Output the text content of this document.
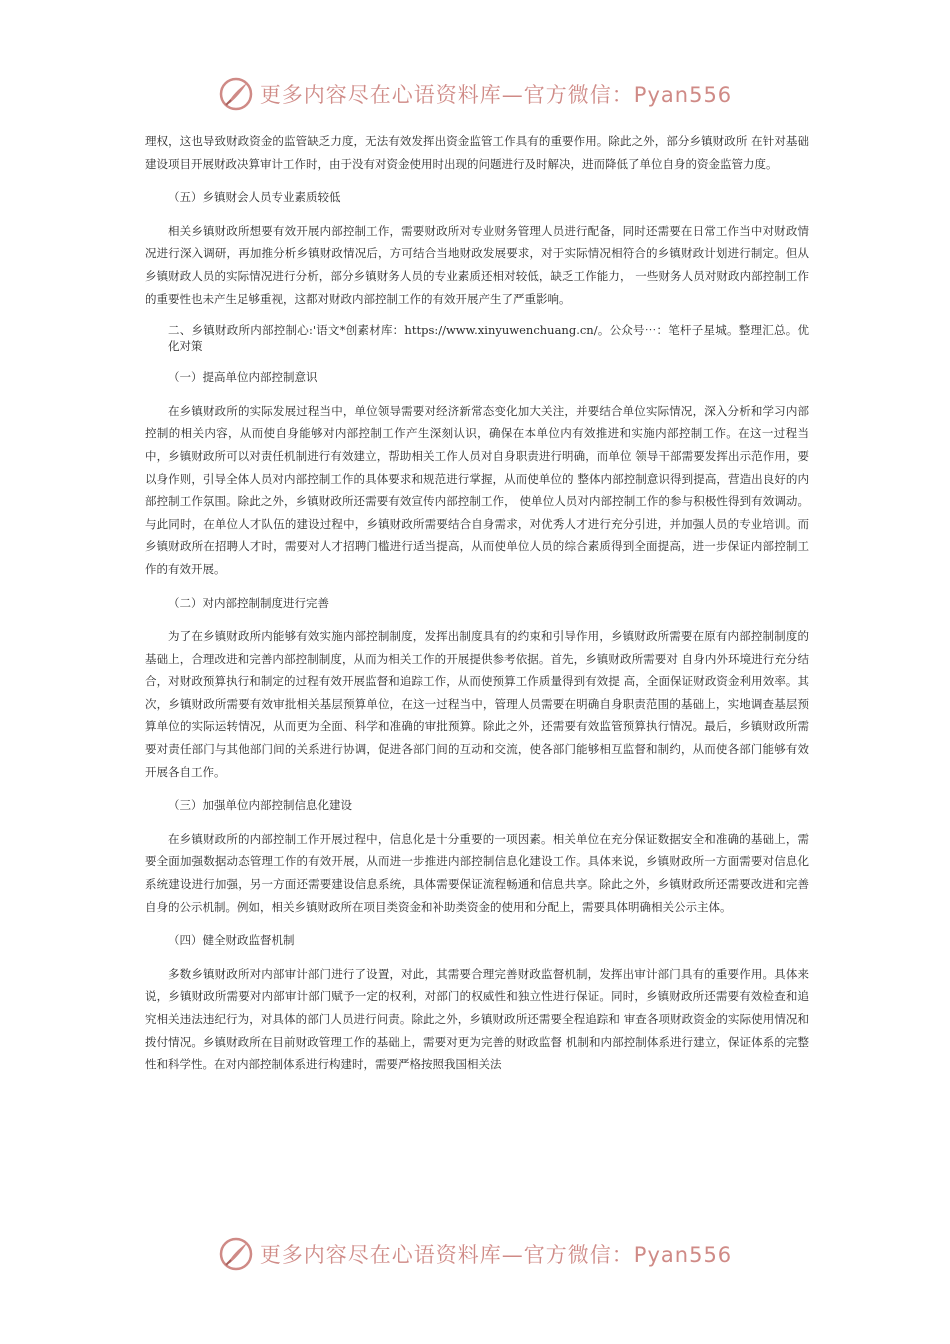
更多内容尽在心语资料库—官方微信：Pyan556

理权，这也导致财政资金的监管缺乏力度，无法有效发挥出资金监管工作具有的重要作用。除此之外，部分乡镇财政所 在针对基础建设项目开展财政决算审计工作时，由于没有对资金使用时出现的问题进行及时解决，进而降低了单位自身的资金监管力度。

（五）乡镇财会人员专业素质较低

相关乡镇财政所想要有效开展内部控制工作，需要财政所对专业财务管理人员进行配备，同时还需要在日常工作当中对财政情况进行深入调研，再加推分析乡镇财政情况后，方可结合当地财政发展要求，对于实际情况相符合的乡镇财政计划进行制定。但从乡镇财政人员的实际情况进行分析，部分乡镇财务人员的专业素质还相对较低，缺乏工作能力， 一些财务人员对财政内部控制工作的重要性也未产生足够重视，这都对财政内部控制工作的有效开展产生了严重影响。

二、乡镇财政所内部控制心:'语文*创素材库：https://www.xinyuwenchuang.cn/。公众号⋯：笔杆子星城。整理汇总。优化对策

（一）提高单位内部控制意识

在乡镇财政所的实际发展过程当中，单位领导需要对经济新常态变化加大关注，并要结合单位实际情况，深入分析和学习内部控制的相关内容，从而使自身能够对内部控制工作产生深刻认识，确保在本单位内有效推进和实施内部控制工作。在这一过程当中，乡镇财政所可以对责任机制进行有效建立，帮助相关工作人员对自身职责进行明确，而单位 领导干部需要发挥出示范作用，要以身作则，引导全体人员对内部控制工作的具体要求和规范进行掌握，从而使单位的 整体内部控制意识得到提高，营造出良好的内部控制工作氛围。除此之外，乡镇财政所还需要有效宣传内部控制工作， 使单位人员对内部控制工作的参与积极性得到有效调动。与此同时，在单位人才队伍的建设过程中，乡镇财政所需要结合自身需求，对优秀人才进行充分引进，并加强人员的专业培训。而乡镇财政所在招聘人才时，需要对人才招聘门槛进行适当提高，从而使单位人员的综合素质得到全面提高，进一步保证内部控制工作的有效开展。

（二）对内部控制制度进行完善

为了在乡镇财政所内能够有效实施内部控制制度，发挥出制度具有的约束和引导作用，乡镇财政所需要在原有内部控制制度的基础上，合理改进和完善内部控制制度，从而为相关工作的开展提供参考依据。首先，乡镇财政所需要对 自身内外环境进行充分结合，对财政预算执行和制定的过程有效开展监督和追踪工作，从而使预算工作质量得到有效提 高，全面保证财政资金利用效率。其次，乡镇财政所需要有效审批相关基层预算单位，在这一过程当中，管理人员需要在明确自身职责范围的基础上，实地调查基层预算单位的实际运转情况，从而更为全面、科学和准确的审批预算。除此之外，还需要有效监管预算执行情况。最后，乡镇财政所需要对责任部门与其他部门间的关系进行协调，促进各部门间的互动和交流，使各部门能够相互监督和制约，从而使各部门能够有效开展各自工作。

（三）加强单位内部控制信息化建设

在乡镇财政所的内部控制工作开展过程中，信息化是十分重要的一项因素。相关单位在充分保证数据安全和准确的基础上，需要全面加强数据动态管理工作的有效开展，从而进一步推进内部控制信息化建设工作。具体来说，乡镇财政所一方面需要对信息化系统建设进行加强，另一方面还需要建设信息系统，具体需要保证流程畅通和信息共享。除此之外，乡镇财政所还需要改进和完善自身的公示机制。例如，相关乡镇财政所在项目类资金和补助类资金的使用和分配上，需要具体明确相关公示主体。

（四）健全财政监督机制

多数乡镇财政所对内部审计部门进行了设置，对此，其需要合理完善财政监督机制，发挥出审计部门具有的重要作用。具体来说，乡镇财政所需要对内部审计部门赋予一定的权利，对部门的权威性和独立性进行保证。同时，乡镇财政所还需要有效检查和追究相关违法违纪行为，对具体的部门人员进行问责。除此之外，乡镇财政所还需要全程追踪和 审查各项财政资金的实际使用情况和拨付情况。乡镇财政所在目前财政管理工作的基础上，需要对更为完善的财政监督 机制和内部控制体系进行建立，保证体系的完整性和科学性。在对内部控制体系进行构建时，需要严格按照我国相关法

更多内容尽在心语资料库—官方微信：Pyan556
